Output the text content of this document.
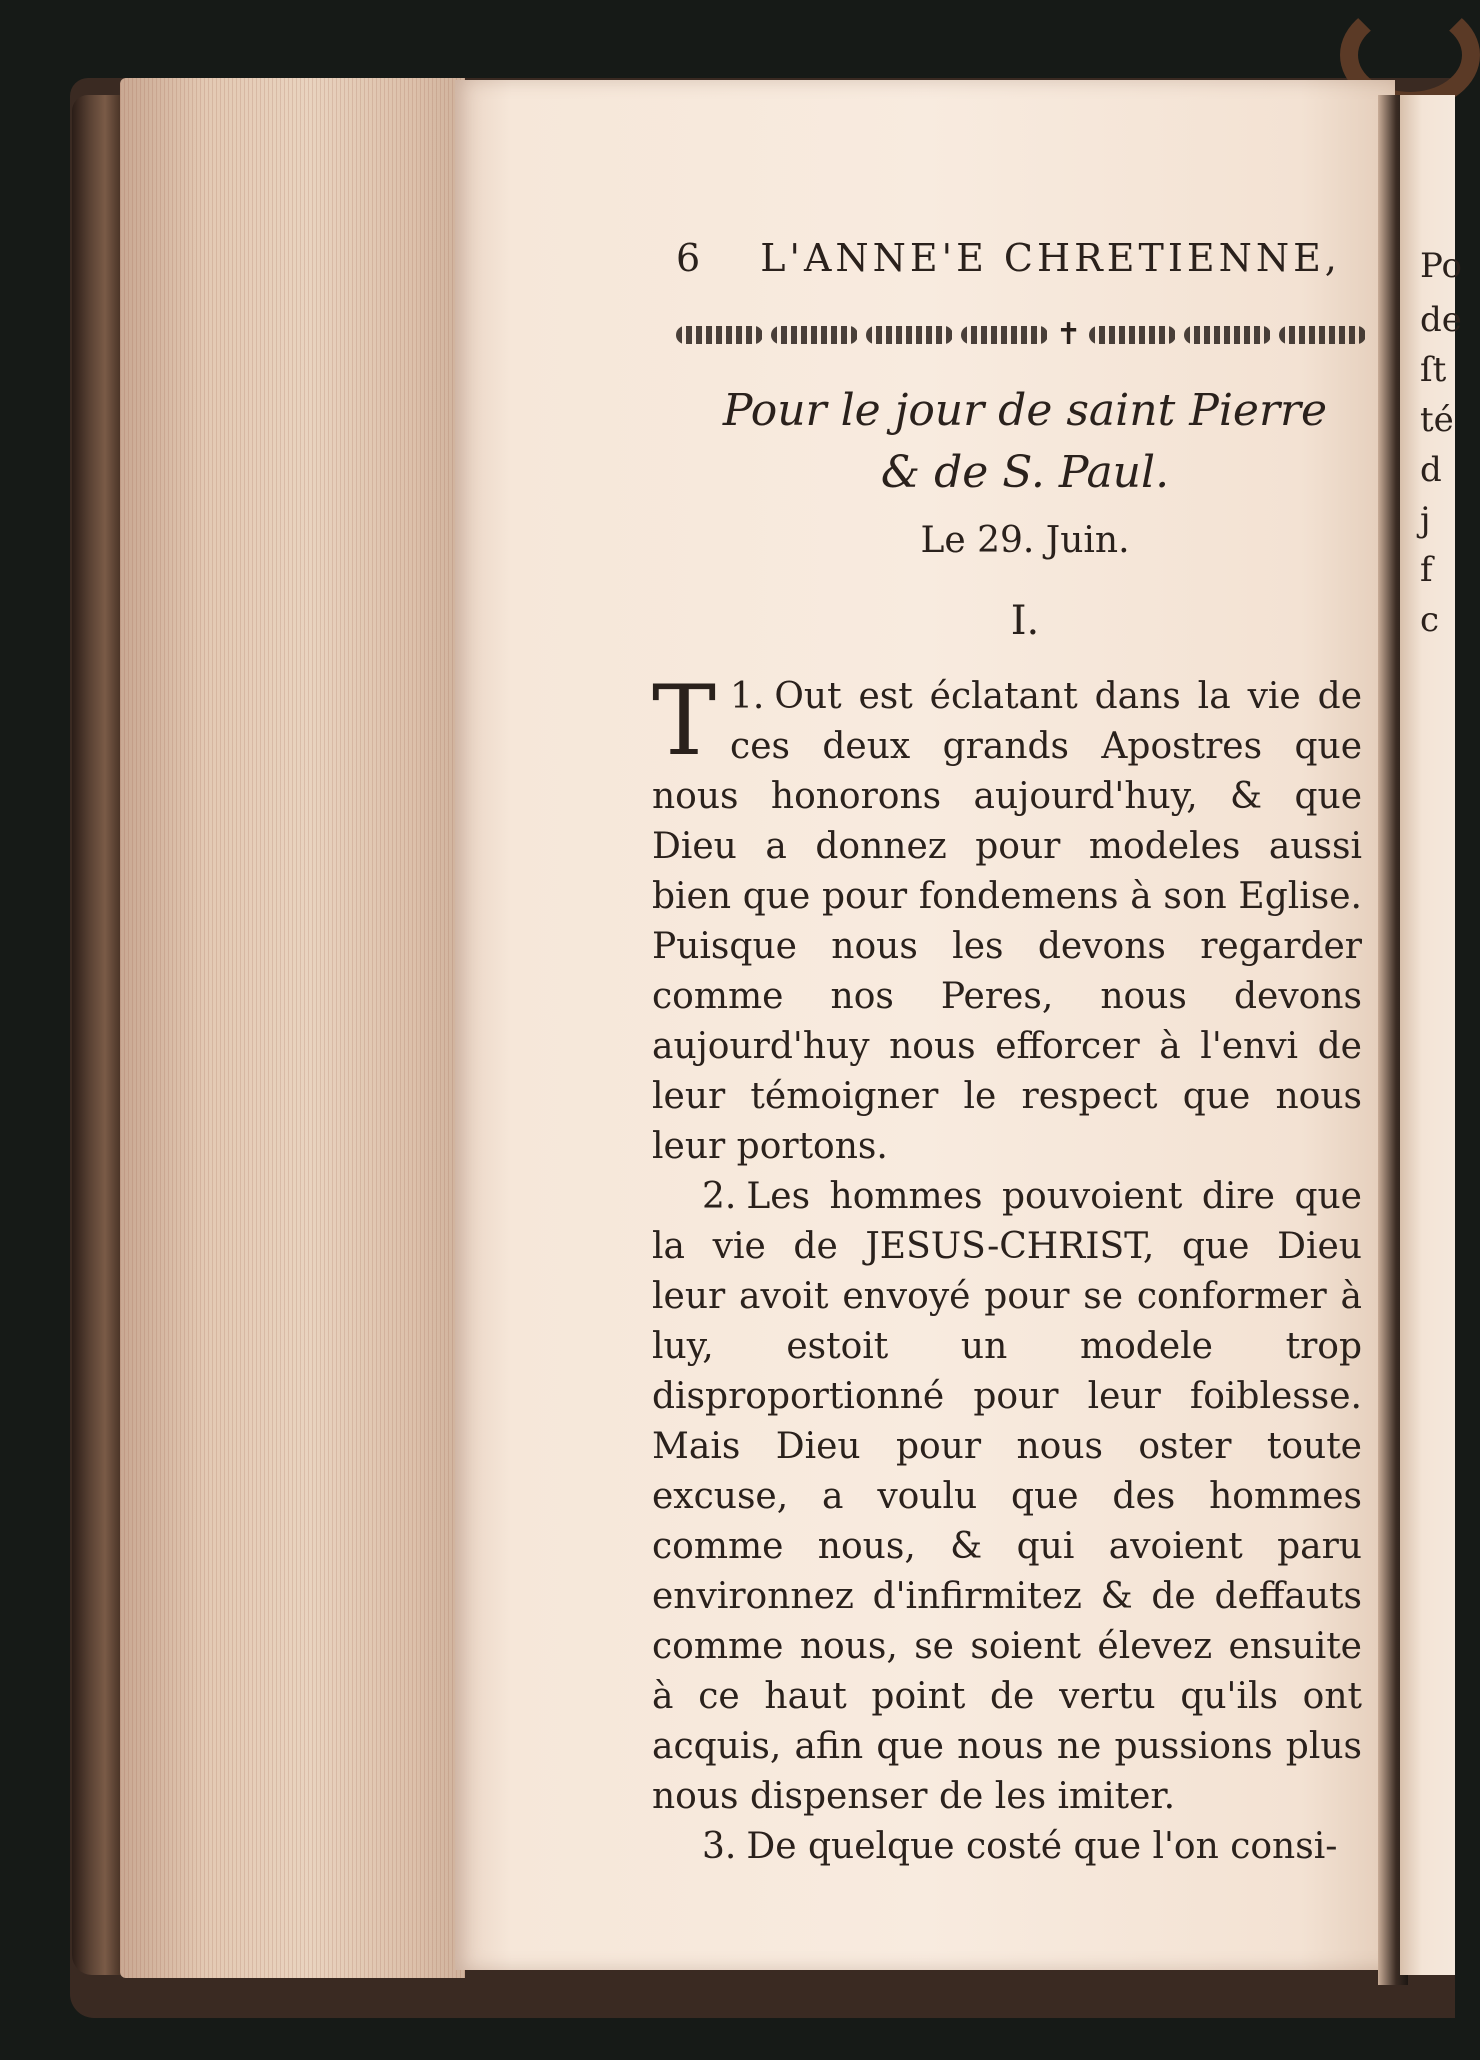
Po
de
ſt
té
d
j
f
c
6 L'ANNE'E CHRETIENNE,
✝
Pour le jour de saint Pierre
& de S. Paul.
Le 29. Juin.
I.

1.
T Out est éclatant dans la vie de ces deux grands Apostres que nous honorons aujourd'huy, & que Dieu a donnez pour modeles aussi bien que pour fondemens à son Eglise. Puisque nous les devons regarder comme nos Peres, nous devons aujourd'huy nous efforcer à l'envi de leur témoigner le respect que nous leur portons.

2. Les hommes pouvoient dire que la vie de JESUS-CHRIST, que Dieu leur avoit envoyé pour se conformer à luy, estoit un modele trop disproportionné pour leur foiblesse. Mais Dieu pour nous oster toute excuse, a voulu que des hommes comme nous, & qui avoient paru environnez d'infirmitez & de deffauts comme nous, se soient élevez ensuite à ce haut point de vertu qu'ils ont acquis, afin que nous ne pussions plus nous dispenser de les imiter.

3. De quelque costé que l'on consi-
